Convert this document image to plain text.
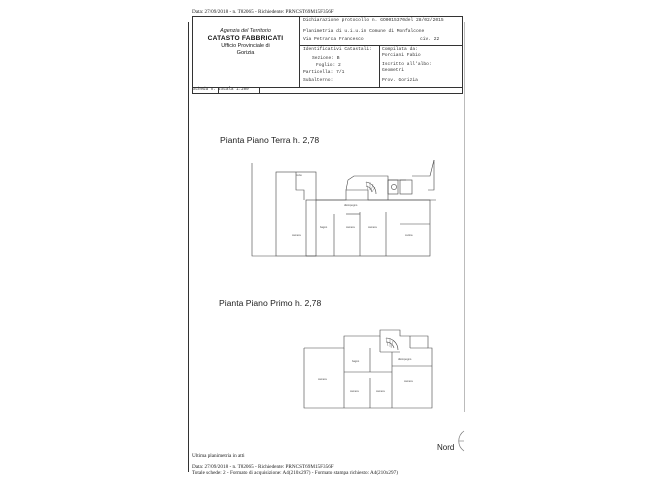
Data: 27/09/2018 - n. T82065 - Richiedente: PRNCST69M15F356F
Agenzia del Territorio
CATASTO FABBRICATI
Ufficio Provinciale di
Gorizia
Dichiarazione protocollo n. GO0015370del 28/02/2015
Planimetria di u.i.u.in Comune di Monfalcone
Via Petrarca Francesco	civ. 22
Identificativi Catastali:
Sezione: B
Foglio: 2
Particella: 7/1
Subalterno:
Compilata da:
Porciani Fabio
Iscritto all'albo:
Geometri
Prov. Gorizia
Scheda n. 2 Scala 1:200
Pianta Piano Terra h. 2,78
Pianta Piano Primo h. 2,78
corte
camera
camera	camera
bagno
disimpegno
cucina
camera
bagno
camera	camera
camera
disimpegno
Nord
Ultima planimetria in atti
Data: 27/09/2018 - n. T82065 - Richiedente: PRNCST69M15F356F
Totale schede: 2 - Formato di acquisizione: A4(210x297) - Formato stampa richiesto: A4(210x297)
